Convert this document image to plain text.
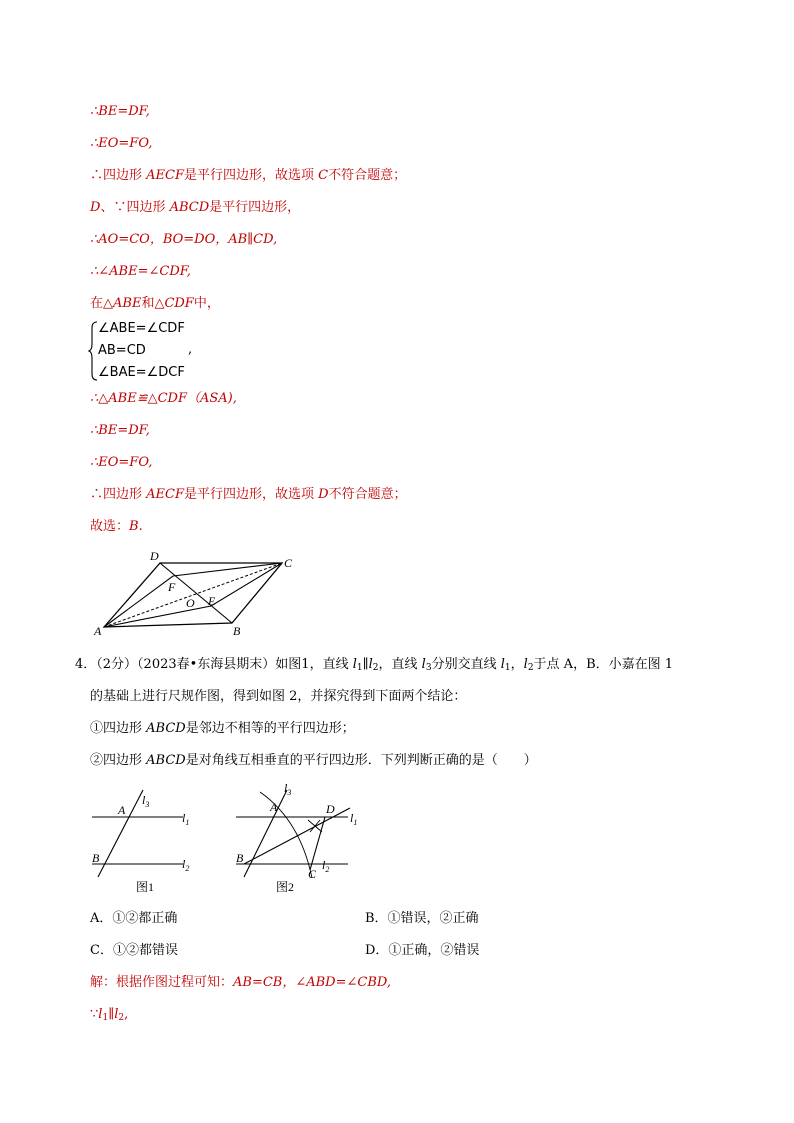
∴BE=DF,
∴EO=FO,
∴四边形 AECF是平行四边形，故选项 C不符合题意；
D、∵四边形 ABCD是平行四边形，
∴AO=CO，BO=DO，AB∥CD,
∴∠ABE=∠CDF,
在△ABE和△CDF中，
∠ABE=∠CDF
AB=CD	,
∠BAE=∠DCF
∴△ABE≌△CDF（ASA),
∴BE=DF,
∴EO=FO,
∴四边形 AECF是平行四边形，故选项 D不符合题意；
故选：B.
A	B
C
D
E
F
O
4．（2分）（2023春•东海县期末）如图1，直线 $l_1\parallel l_2$，直线 $l_3$分别交直线 $l_1$，$l_2$于点 A，B．小嘉在图 1
的基础上进行尺规作图，得到如图 2，并探究得到下面两个结论：
①四边形 ABCD是邻边不相等的平行四边形；
②四边形 ABCD是对角线互相垂直的平行四边形．下列判断正确的是（　　）
A
B
$l_3$
$l_1$
$l_2$
图1
A
B
C
D
$l_3$
$l_1$
$l_2$
图2
A．①②都正确	B．①错误，②正确
C．①②都错误	D．①正确，②错误
解：根据作图过程可知：AB=CB，∠ABD=∠CBD,
$\because l_1\parallel l_2$,
